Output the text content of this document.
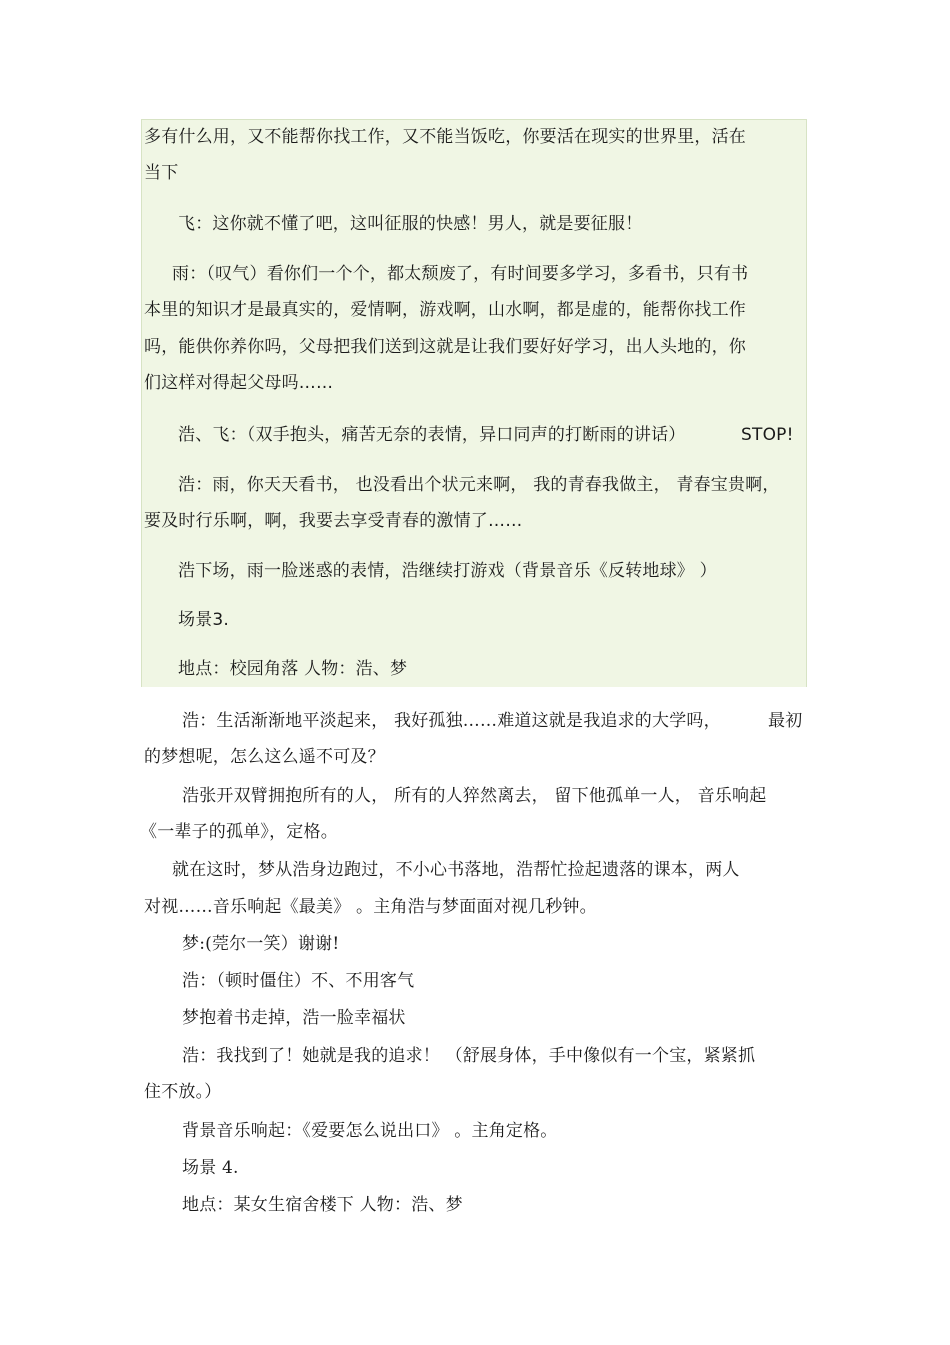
多有什么用，又不能帮你找工作，又不能当饭吃，你要活在现实的世界里，活在
当下
飞：这你就不懂了吧，这叫征服的快感！男人，就是要征服！
雨：（叹气）看你们一个个，都太颓废了，有时间要多学习，多看书，只有书
本里的知识才是最真实的，爱情啊，游戏啊，山水啊，都是虚的，能帮你找工作
吗，能供你养你吗，父母把我们送到这就是让我们要好好学习，出人头地的，你
们这样对得起父母吗……
浩、飞：（双手抱头，痛苦无奈的表情，异口同声的打断雨的讲话）	STOP!
浩：雨，你天天看书， 也没看出个状元来啊， 我的青春我做主， 青春宝贵啊，
要及时行乐啊，啊，我要去享受青春的激情了……
浩下场，雨一脸迷惑的表情，浩继续打游戏（背景音乐《反转地球》 ）
场景3.
地点：校园角落 人物：浩、梦
浩：生活渐渐地平淡起来， 我好孤独……难道这就是我追求的大学吗，	最初
的梦想呢，怎么这么遥不可及？
浩张开双臂拥抱所有的人， 所有的人猝然离去， 留下他孤单一人， 音乐响起
《一辈子的孤单》，定格。
就在这时，梦从浩身边跑过，不小心书落地，浩帮忙捡起遗落的课本，两人
对视……音乐响起《最美》 。主角浩与梦面面对视几秒钟。
梦:(莞尔一笑）谢谢!
浩：（顿时僵住）不、不用客气
梦抱着书走掉，浩一脸幸福状
浩：我找到了！她就是我的追求！ （舒展身体，手中像似有一个宝，紧紧抓
住不放。）
背景音乐响起：《爱要怎么说出口》 。主角定格。
场景 4.
地点：某女生宿舍楼下 人物：浩、梦
